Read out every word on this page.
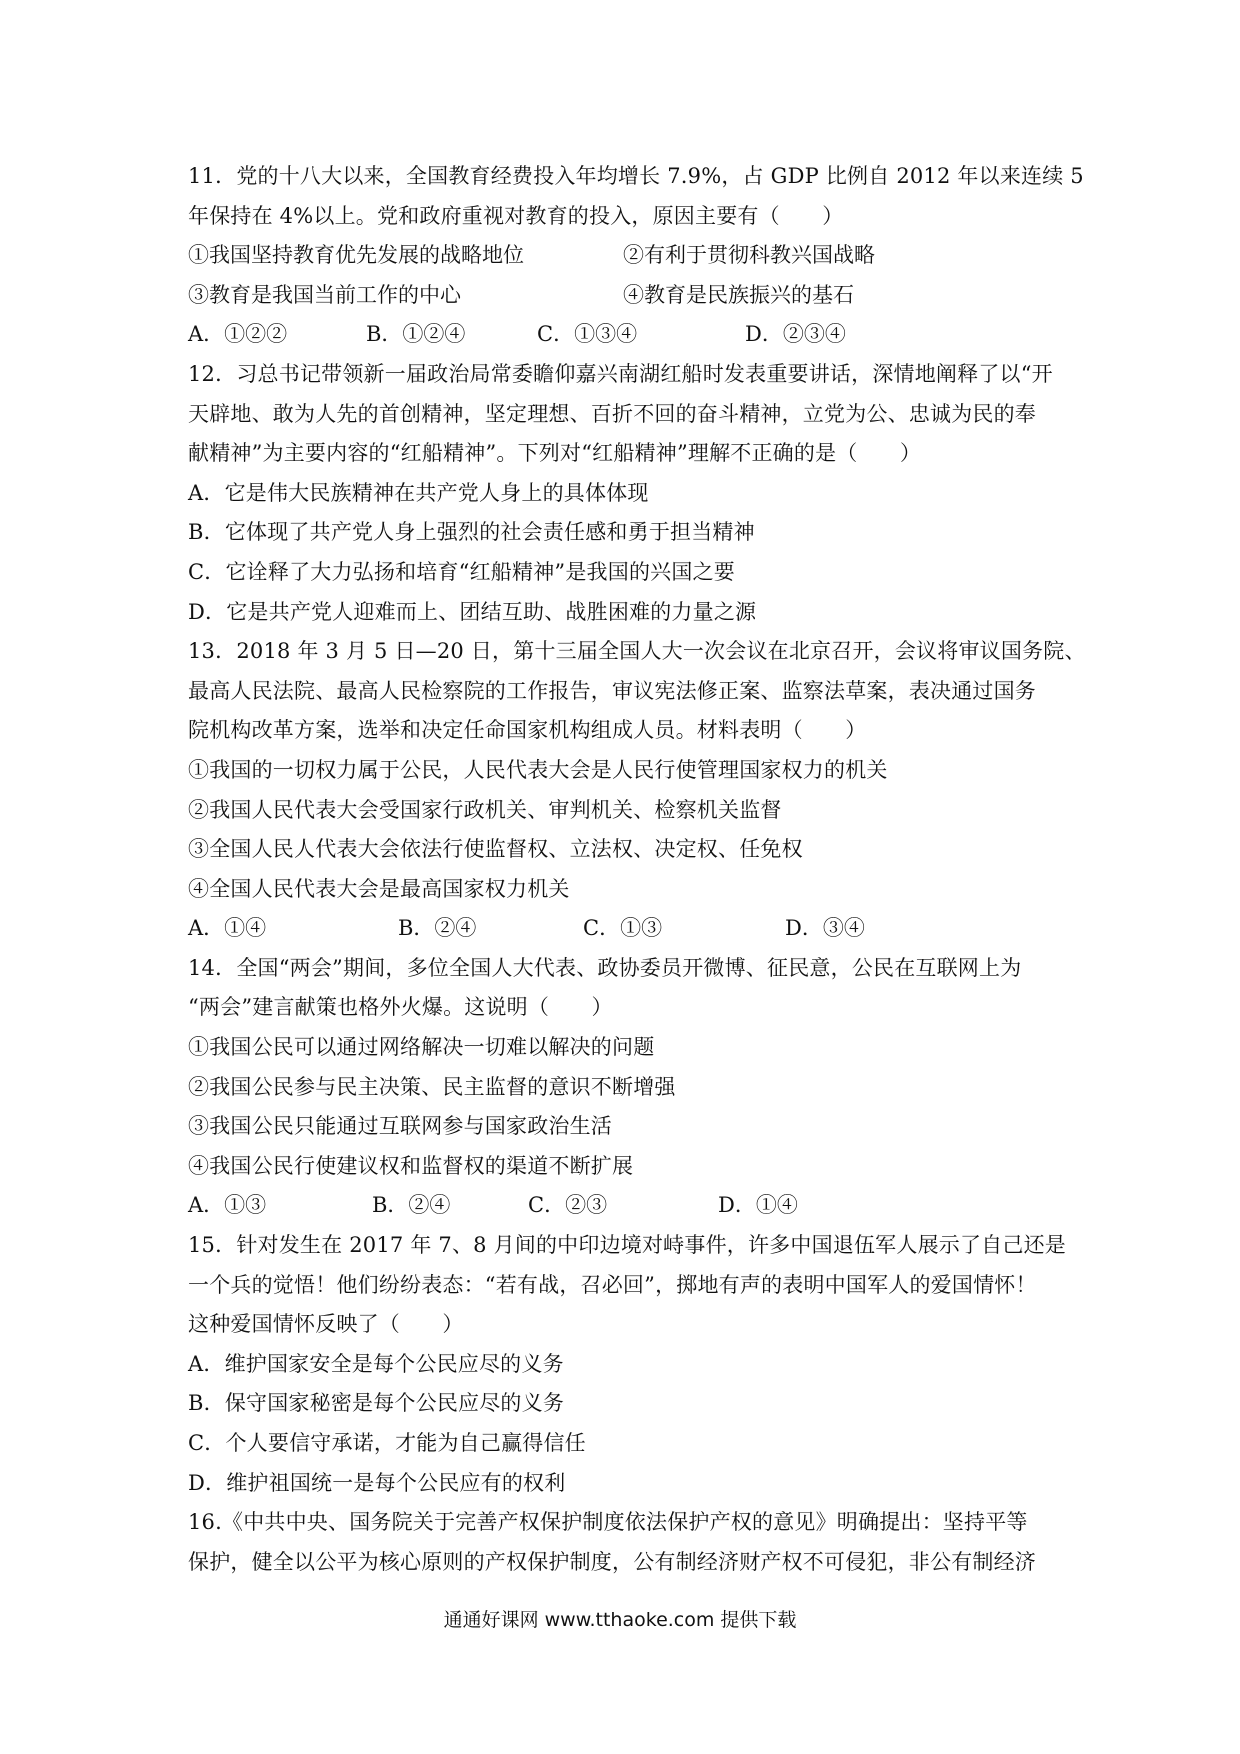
11．党的十八大以来，全国教育经费投入年均增长 7.9%，占 GDP 比例自 2012 年以来连续 5
年保持在 4%以上。党和政府重视对教育的投入，原因主要有（　　）
①我国坚持教育优先发展的战略地位	②有利于贯彻科教兴国战略
③教育是我国当前工作的中心	④教育是民族振兴的基石
A．①②②	B．①②④	C．①③④	D．②③④
12．习总书记带领新一届政治局常委瞻仰嘉兴南湖红船时发表重要讲话，深情地阐释了以“开
天辟地、敢为人先的首创精神，坚定理想、百折不回的奋斗精神，立党为公、忠诚为民的奉
献精神”为主要内容的“红船精神”。下列对“红船精神”理解不正确的是（　　）
A．它是伟大民族精神在共产党人身上的具体体现
B．它体现了共产党人身上强烈的社会责任感和勇于担当精神
C．它诠释了大力弘扬和培育“红船精神”是我国的兴国之要
D．它是共产党人迎难而上、团结互助、战胜困难的力量之源
13．2018 年 3 月 5 日—20 日，第十三届全国人大一次会议在北京召开，会议将审议国务院、
最高人民法院、最高人民检察院的工作报告，审议宪法修正案、监察法草案，表决通过国务
院机构改革方案，选举和决定任命国家机构组成人员。材料表明（　　）
①我国的一切权力属于公民，人民代表大会是人民行使管理国家权力的机关
②我国人民代表大会受国家行政机关、审判机关、检察机关监督
③全国人民人代表大会依法行使监督权、立法权、决定权、任免权
④全国人民代表大会是最高国家权力机关
A．①④	B．②④	C．①③	D．③④
14．全国“两会”期间，多位全国人大代表、政协委员开微博、征民意，公民在互联网上为
“两会”建言献策也格外火爆。这说明（　　）
①我国公民可以通过网络解决一切难以解决的问题
②我国公民参与民主决策、民主监督的意识不断增强
③我国公民只能通过互联网参与国家政治生活
④我国公民行使建议权和监督权的渠道不断扩展
A．①③	B．②④	C．②③	D．①④
15．针对发生在 2017 年 7、8 月间的中印边境对峙事件，许多中国退伍军人展示了自己还是
一个兵的觉悟！他们纷纷表态：“若有战，召必回”，掷地有声的表明中国军人的爱国情怀！
这种爱国情怀反映了（　　）
A．维护国家安全是每个公民应尽的义务
B．保守国家秘密是每个公民应尽的义务
C．个人要信守承诺，才能为自己赢得信任
D．维护祖国统一是每个公民应有的权利
16.《中共中央、国务院关于完善产权保护制度依法保护产权的意见》明确提出：坚持平等
保护，健全以公平为核心原则的产权保护制度，公有制经济财产权不可侵犯，非公有制经济
通通好课网 www.tthaoke.com 提供下载
